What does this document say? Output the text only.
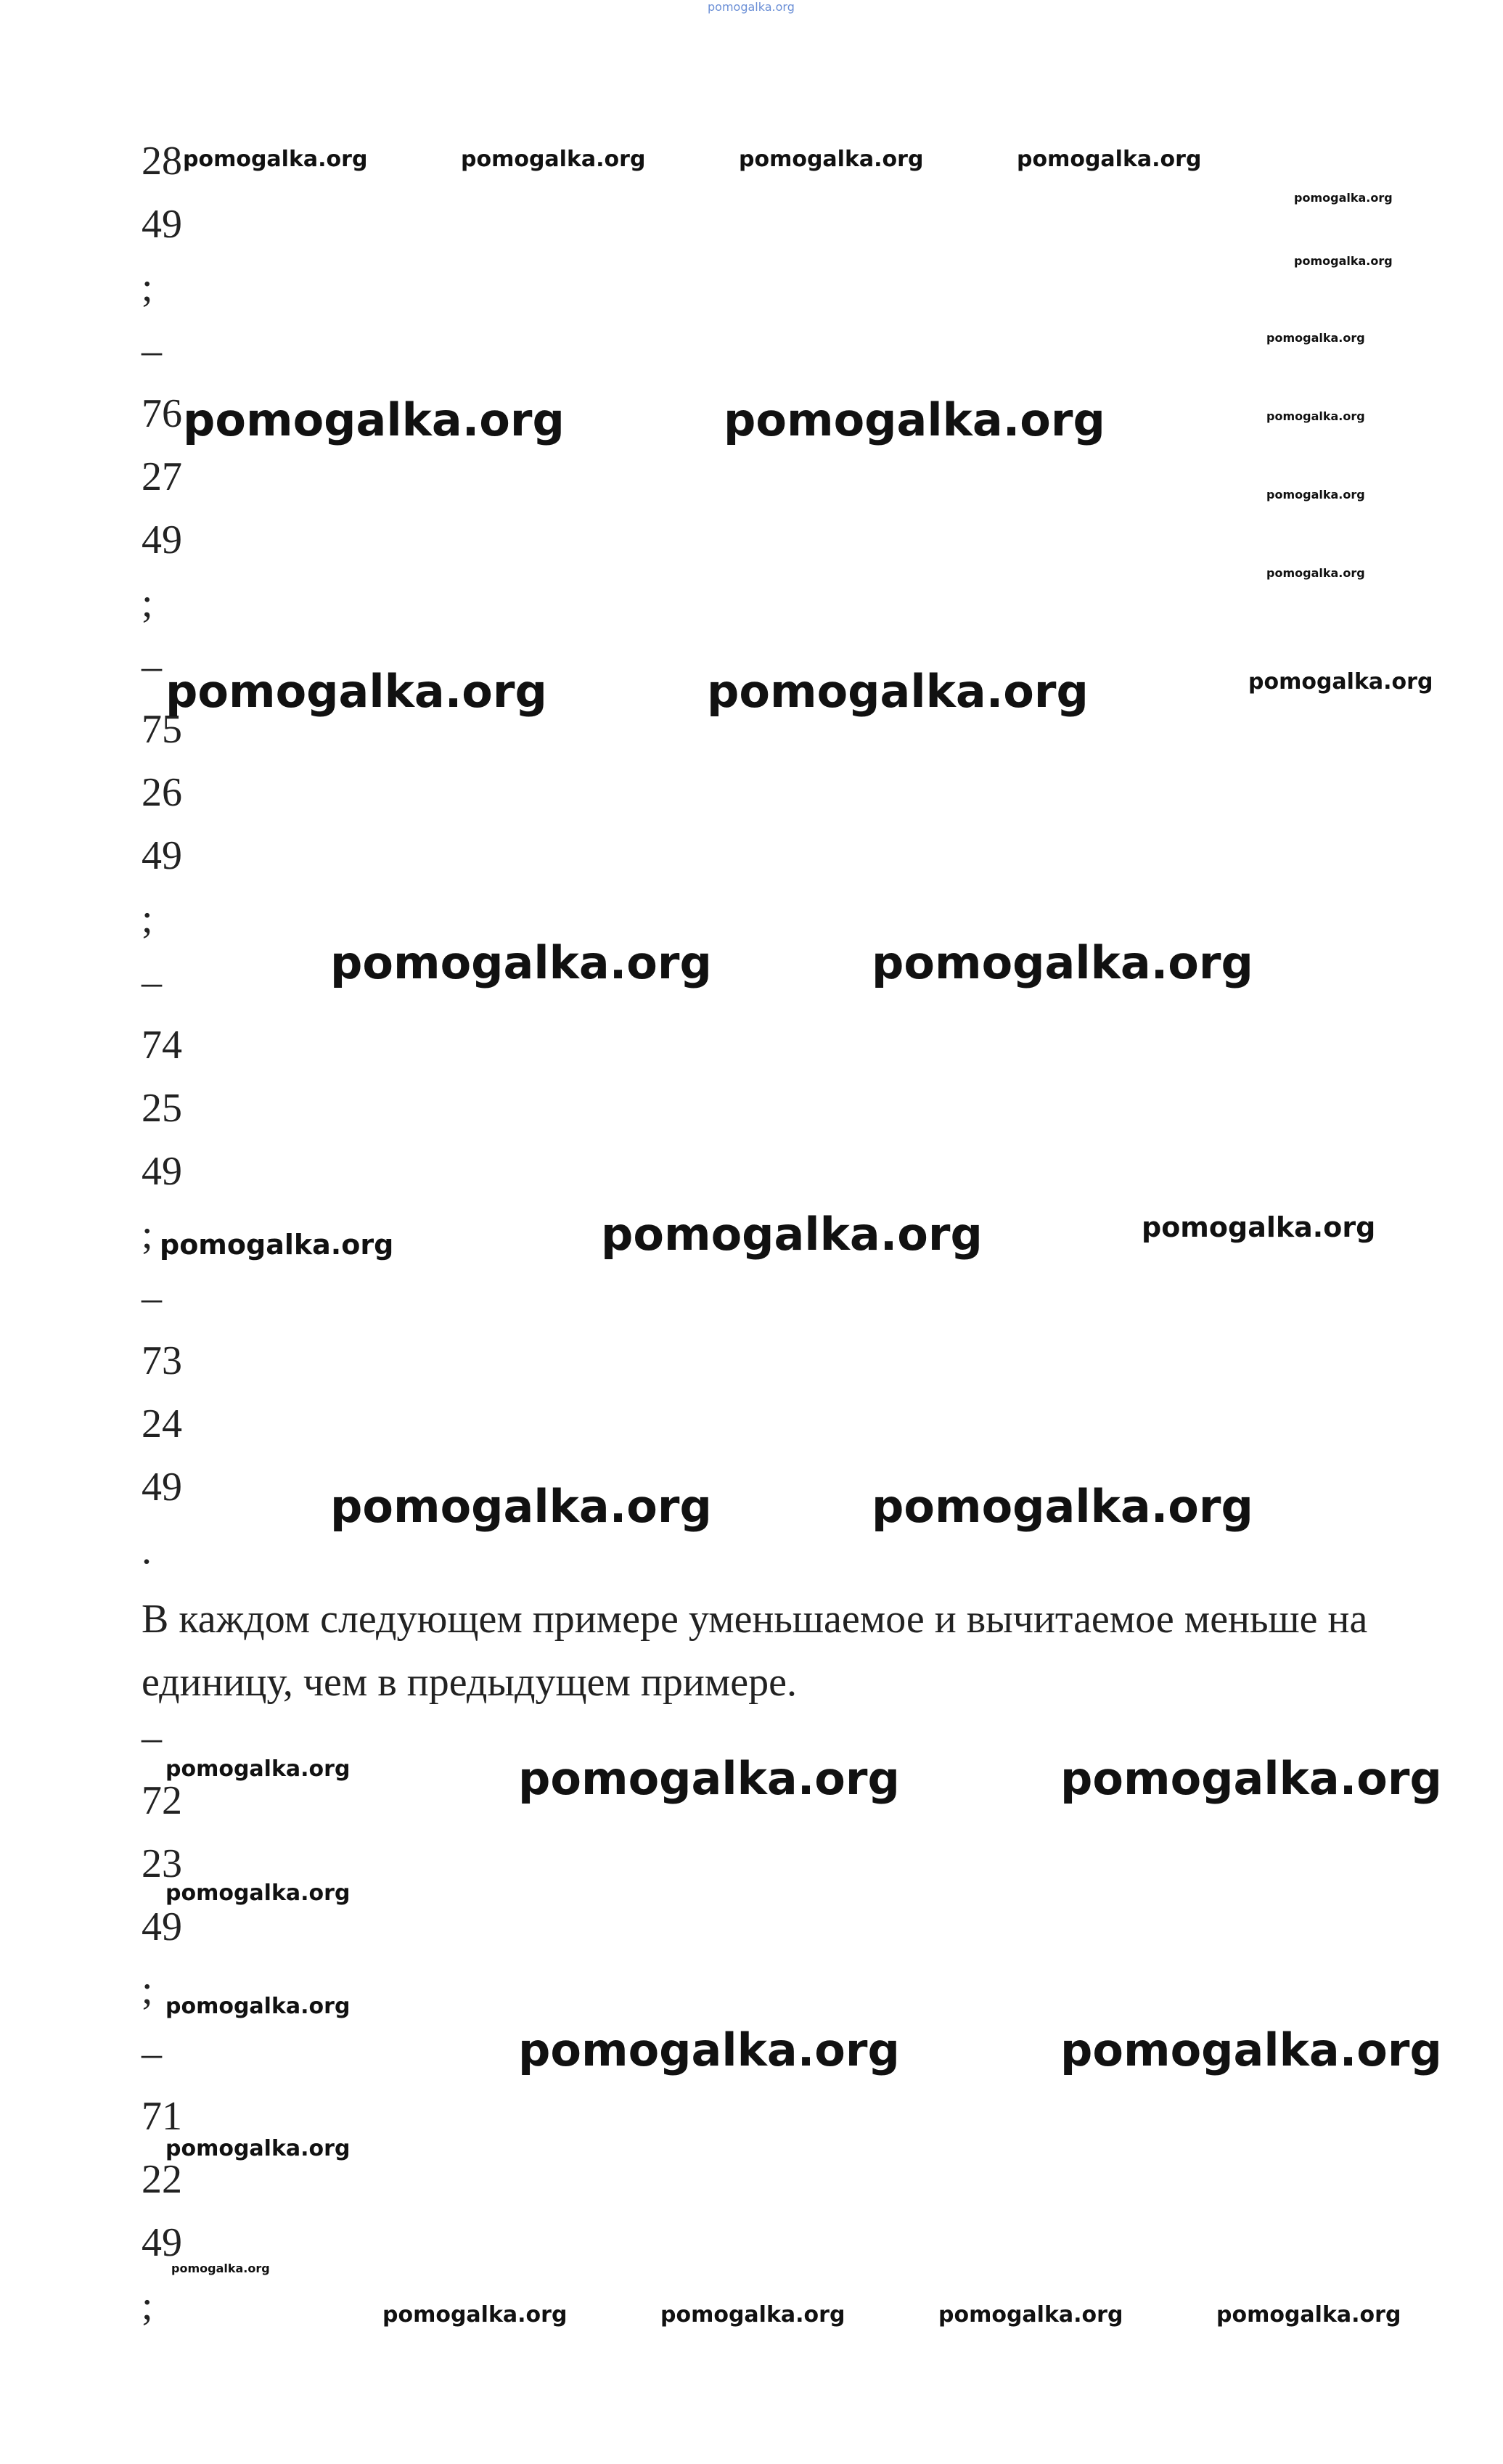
28
49
;
–
76
27
49
;
–
75
26
49
;
–
74
25
49
;
–
73
24
49
.
В каждом следующем примере уменьшаемое и вычитаемое меньше на единицу, чем в предыдущем примере.
–
72
23
49
;
–
71
22
49
;
pomogalka.org
pomogalka.org	pomogalka.org	pomogalka.org	pomogalka.org
pomogalka.org
pomogalka.org
pomogalka.org
pomogalka.org
pomogalka.org
pomogalka.org
pomogalka.org	pomogalka.org
pomogalka.org	pomogalka.org	pomogalka.org
pomogalka.org	pomogalka.org
pomogalka.org	pomogalka.org	pomogalka.org
pomogalka.org	pomogalka.org
pomogalka.org	pomogalka.org	pomogalka.org
pomogalka.org
pomogalka.org
pomogalka.org	pomogalka.org
pomogalka.org
pomogalka.org
pomogalka.org	pomogalka.org	pomogalka.org	pomogalka.org
